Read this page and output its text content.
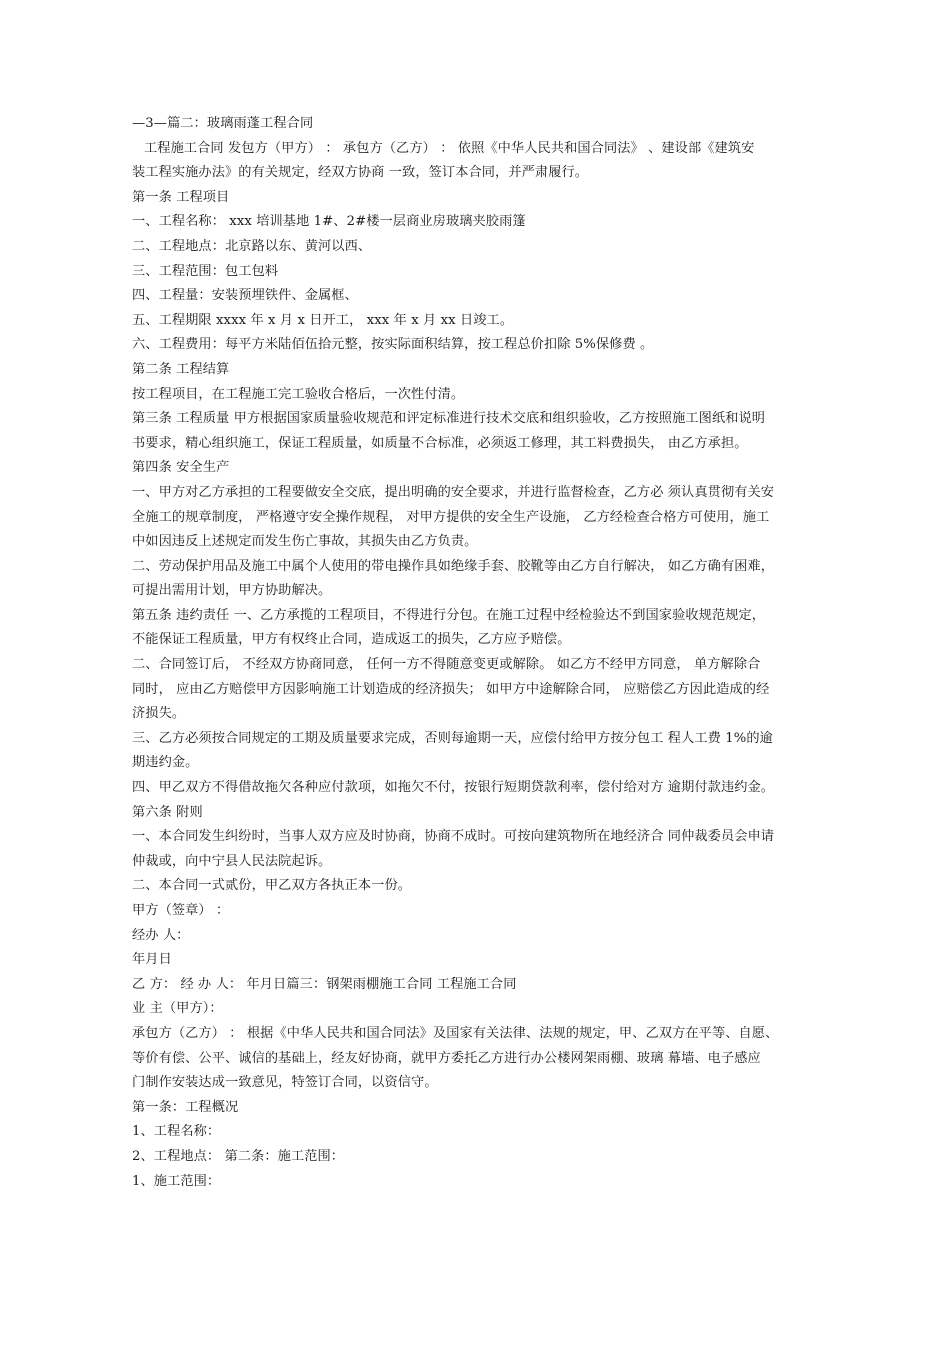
—3—篇二：玻璃雨蓬工程合同
工程施工合同 发包方（甲方） ： 承包方（乙方） ： 依照《中华人民共和国合同法》 、建设部《建筑安
装工程实施办法》的有关规定，经双方协商 一致，签订本合同，并严肃履行。
第一条 工程项目
一、工程名称： xxx 培训基地 1#、2#楼一层商业房玻璃夹胶雨篷
二、工程地点：北京路以东、黄河以西、
三、工程范围：包工包料
四、工程量：安装预埋铁件、金属框、
五、工程期限 xxxx 年 x 月 x 日开工， xxx 年 x 月 xx 日竣工。
六、工程费用：每平方米陆佰伍拾元整，按实际面积结算，按工程总价扣除 5%保修费 。
第二条 工程结算
按工程项目，在工程施工完工验收合格后，一次性付清。
第三条 工程质量 甲方根据国家质量验收规范和评定标准进行技术交底和组织验收，乙方按照施工图纸和说明
书要求，精心组织施工，保证工程质量，如质量不合标准，必须返工修理，其工料费损失， 由乙方承担。
第四条 安全生产
一、甲方对乙方承担的工程要做安全交底，提出明确的安全要求，并进行监督检查，乙方必 须认真贯彻有关安
全施工的规章制度， 严格遵守安全操作规程， 对甲方提供的安全生产设施， 乙方经检查合格方可使用，施工
中如因违反上述规定而发生伤亡事故，其损失由乙方负责。
二、劳动保护用品及施工中属个人使用的带电操作具如绝缘手套、胶靴等由乙方自行解决， 如乙方确有困难，
可提出需用计划，甲方协助解决。
第五条 违约责任 一、乙方承揽的工程项目，不得进行分包。在施工过程中经检验达不到国家验收规范规定，
不能保证工程质量，甲方有权终止合同，造成返工的损失，乙方应予赔偿。
二、合同签订后， 不经双方协商同意， 任何一方不得随意变更或解除。 如乙方不经甲方同意， 单方解除合
同时， 应由乙方赔偿甲方因影响施工计划造成的经济损失； 如甲方中途解除合同， 应赔偿乙方因此造成的经
济损失。
三、乙方必须按合同规定的工期及质量要求完成，否则每逾期一天，应偿付给甲方按分包工 程人工费 1%的逾
期违约金。
四、甲乙双方不得借故拖欠各种应付款项，如拖欠不付，按银行短期贷款利率，偿付给对方 逾期付款违约金。
第六条 附则
一、本合同发生纠纷时，当事人双方应及时协商，协商不成时。可按向建筑物所在地经济合 同仲裁委员会申请
仲裁或，向中宁县人民法院起诉。
二、本合同一式贰份，甲乙双方各执正本一份。
甲方（签章） ：
经办 人：
年月日
乙 方： 经 办 人： 年月日篇三：钢架雨棚施工合同 工程施工合同
业 主（甲方）：
承包方（乙方） ： 根据《中华人民共和国合同法》及国家有关法律、法规的规定，甲、乙双方在平等、自愿、
等价有偿、公平、诚信的基础上，经友好协商，就甲方委托乙方进行办公楼网架雨棚、玻璃 幕墙、电子感应
门制作安装达成一致意见，特签订合同，以资信守。
第一条：工程概况
1、工程名称：
2、工程地点： 第二条：施工范围：
1、施工范围：
